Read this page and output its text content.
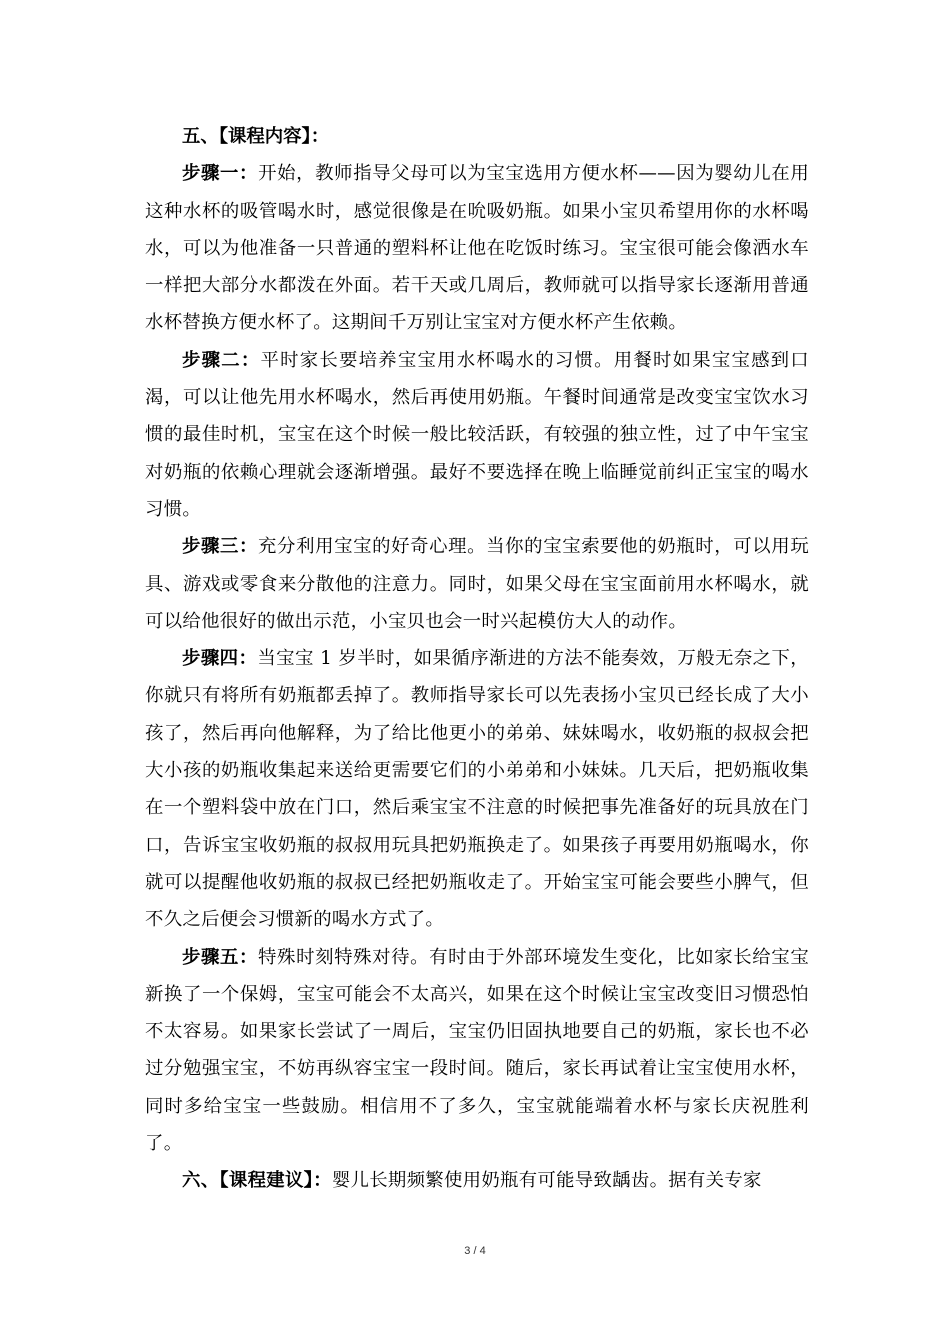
五、【课程内容】：

步骤一：开始，教师指导父母可以为宝宝选用方便水杯——因为婴幼儿在用这种水杯的吸管喝水时，感觉很像是在吮吸奶瓶。如果小宝贝希望用你的水杯喝水，可以为他准备一只普通的塑料杯让他在吃饭时练习。宝宝很可能会像洒水车一样把大部分水都泼在外面。若干天或几周后，教师就可以指导家长逐渐用普通水杯替换方便水杯了。这期间千万别让宝宝对方便水杯产生依赖。

步骤二：平时家长要培养宝宝用水杯喝水的习惯。用餐时如果宝宝感到口渴，可以让他先用水杯喝水，然后再使用奶瓶。午餐时间通常是改变宝宝饮水习惯的最佳时机，宝宝在这个时候一般比较活跃，有较强的独立性，过了中午宝宝对奶瓶的依赖心理就会逐渐增强。最好不要选择在晚上临睡觉前纠正宝宝的喝水习惯。

步骤三：充分利用宝宝的好奇心理。当你的宝宝索要他的奶瓶时，可以用玩具、游戏或零食来分散他的注意力。同时，如果父母在宝宝面前用水杯喝水，就可以给他很好的做出示范，小宝贝也会一时兴起模仿大人的动作。

步骤四：当宝宝 1 岁半时，如果循序渐进的方法不能奏效，万般无奈之下，你就只有将所有奶瓶都丢掉了。教师指导家长可以先表扬小宝贝已经长成了大小孩了，然后再向他解释，为了给比他更小的弟弟、妹妹喝水，收奶瓶的叔叔会把大小孩的奶瓶收集起来送给更需要它们的小弟弟和小妹妹。几天后，把奶瓶收集在一个塑料袋中放在门口，然后乘宝宝不注意的时候把事先准备好的玩具放在门口，告诉宝宝收奶瓶的叔叔用玩具把奶瓶换走了。如果孩子再要用奶瓶喝水，你就可以提醒他收奶瓶的叔叔已经把奶瓶收走了。开始宝宝可能会要些小脾气，但不久之后便会习惯新的喝水方式了。

步骤五：特殊时刻特殊对待。有时由于外部环境发生变化，比如家长给宝宝新换了一个保姆，宝宝可能会不太高兴，如果在这个时候让宝宝改变旧习惯恐怕不太容易。如果家长尝试了一周后，宝宝仍旧固执地要自己的奶瓶，家长也不必过分勉强宝宝，不妨再纵容宝宝一段时间。随后，家长再试着让宝宝使用水杯，同时多给宝宝一些鼓励。相信用不了多久，宝宝就能端着水杯与家长庆祝胜利了。

六、【课程建议】：婴儿长期频繁使用奶瓶有可能导致龋齿。据有关专家

3 / 4
